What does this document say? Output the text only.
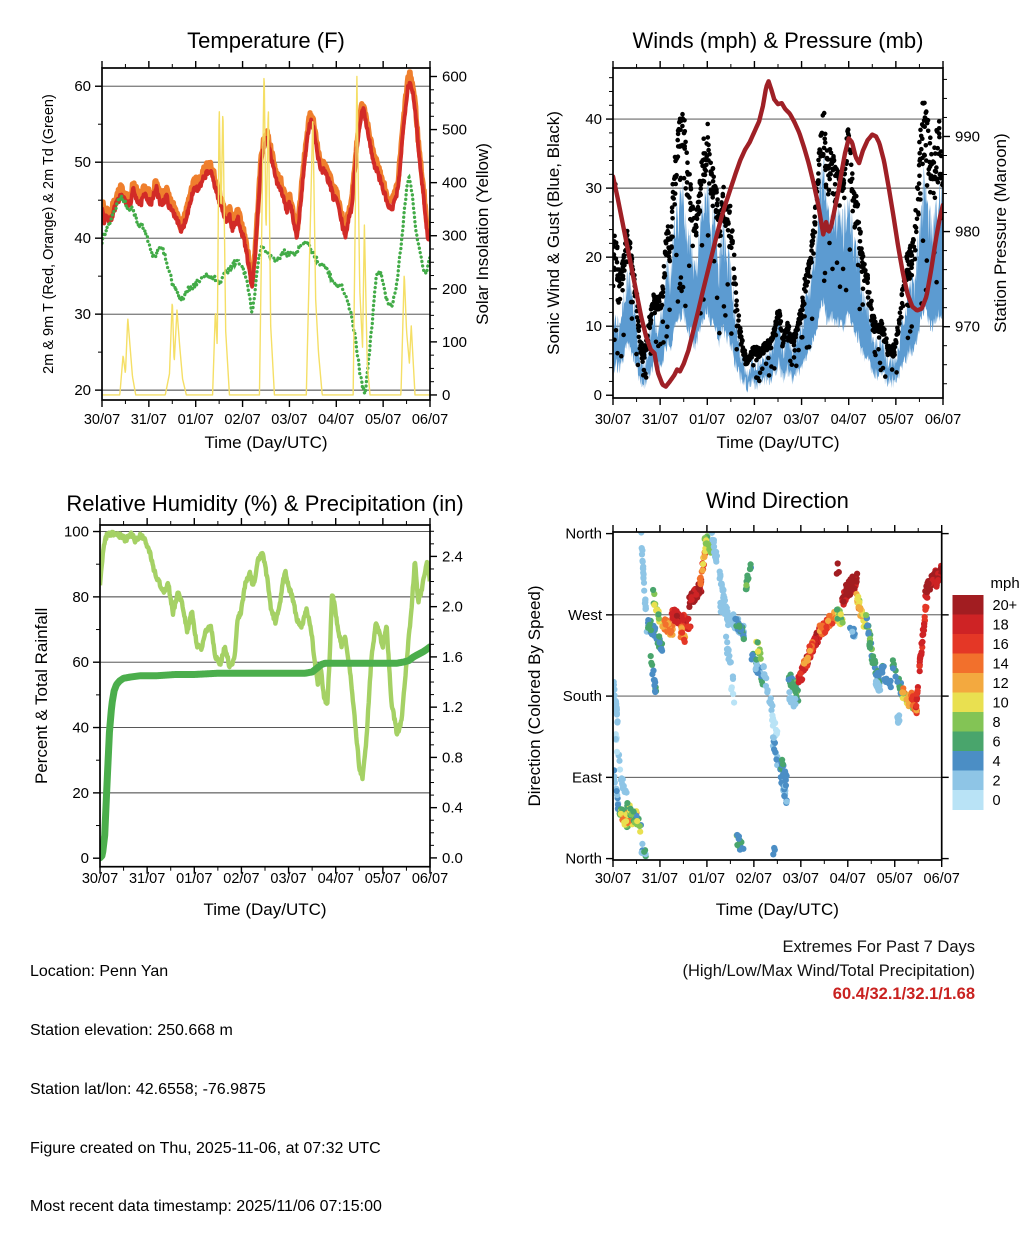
20
30
40
50
60
0
100
200
300
400
500
600
30/07 31/07 01/07 02/07 03/07 04/07 05/07 06/07
Time (Day/UTC)
Temperature (F)
2m & 9m T (Red, Orange) & 2m Td (Green)	Solar Insolation (Yellow)
0
10
20
30
40
970
980
990
30/07 31/07 01/07 02/07 03/07 04/07 05/07 06/07
Time (Day/UTC)
Winds (mph) & Pressure (mb)
Sonic Wind & Gust (Blue, Black)	Station Pressure (Maroon)
0
20
40
60
80
100
0.0
0.4
0.8
1.2
1.6
2.0
2.4
30/07 31/07 01/07 02/07 03/07 04/07 05/07 06/07
Time (Day/UTC)
Relative Humidity (%) & Precipitation (in)
Percent & Total Rainfall
North
West
South
East
North
30/07 31/07 01/07 02/07 03/07 04/07 05/07 06/07
Time (Day/UTC)
Wind Direction
Direction (Colored By Speed)
mph
20+
18
16
14
12
10
8
6
4
2
0

Location: Penn Yan

Station elevation: 250.668 m

Station lat/lon: 42.6558; -76.9875

Figure created on Thu, 2025-11-06, at 07:32 UTC

Most recent data timestamp: 2025/11/06 07:15:00

Extremes For Past 7 Days
(High/Low/Max Wind/Total Precipitation)
60.4/32.1/32.1/1.68
